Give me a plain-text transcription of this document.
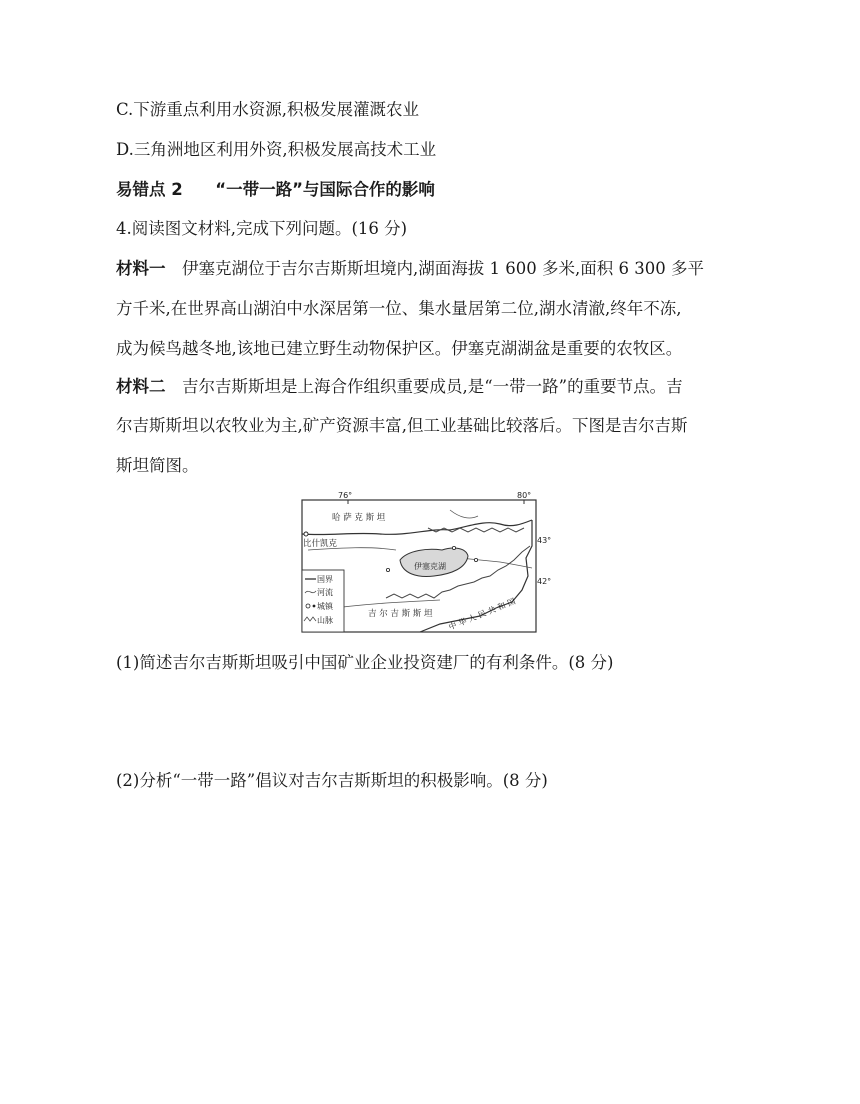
C.下游重点利用水资源,积极发展灌溉农业
D.三角洲地区利用外资,积极发展高技术工业
易错点 2 “一带一路”与国际合作的影响
4.阅读图文材料,完成下列问题。(16 分)
材料一 伊塞克湖位于吉尔吉斯斯坦境内,湖面海拔 1 600 多米,面积 6 300 多平
方千米,在世界高山湖泊中水深居第一位、集水量居第二位,湖水清澈,终年不冻,
成为候鸟越冬地,该地已建立野生动物保护区。伊塞克湖湖盆是重要的农牧区。
材料二 吉尔吉斯斯坦是上海合作组织重要成员,是“一带一路”的重要节点。吉
尔吉斯斯坦以农牧业为主,矿产资源丰富,但工业基础比较落后。下图是吉尔吉斯
斯坦简图。
76°	80°
43°
42°
伊塞克湖
哈 萨 克 斯 坦
比什凯克
吉 尔 吉 斯 斯 坦 中 华 人 民 共 和 国
国界
河流
城镇
山脉
(1)简述吉尔吉斯斯坦吸引中国矿业企业投资建厂的有利条件。(8 分)
(2)分析“一带一路”倡议对吉尔吉斯斯坦的积极影响。(8 分)
